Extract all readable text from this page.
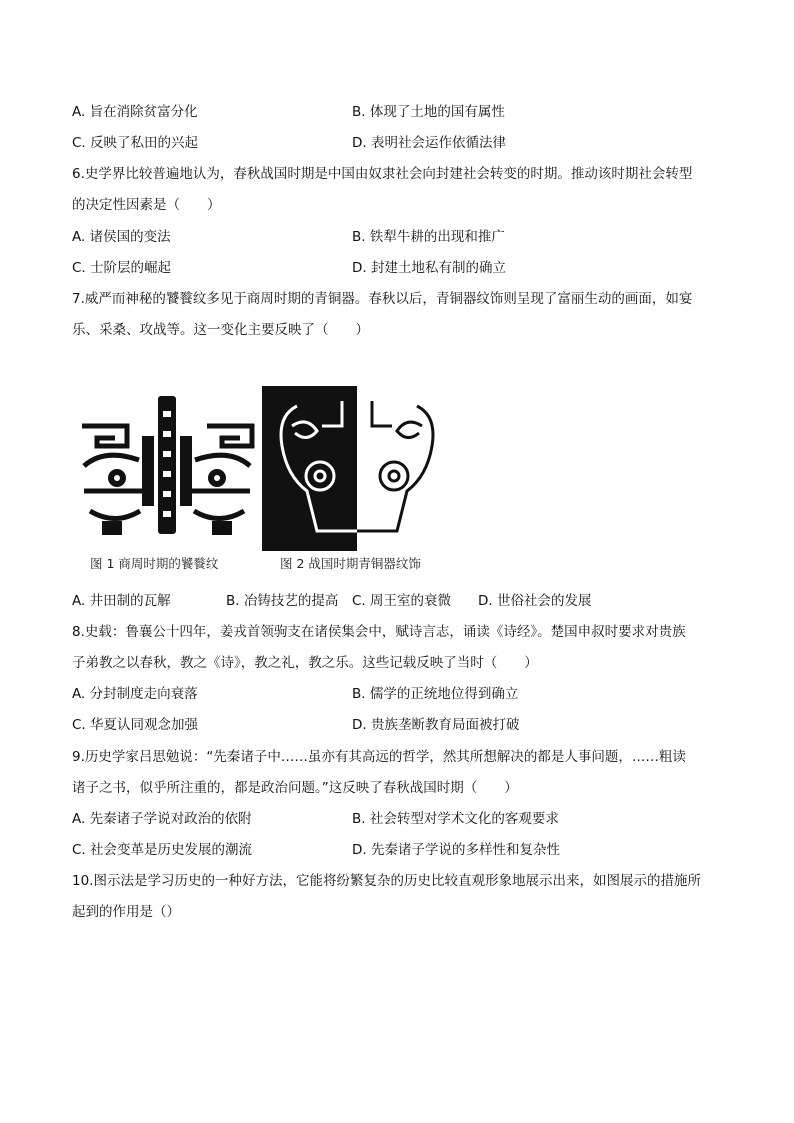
A. 旨在消除贫富分化	B. 体现了土地的国有属性
C. 反映了私田的兴起	D. 表明社会运作依循法律
6.史学界比较普遍地认为，春秋战国时期是中国由奴隶社会向封建社会转变的时期。推动该时期社会转型
的决定性因素是（　　）
A. 诸侯国的变法	B. 铁犁牛耕的出现和推广
C. 士阶层的崛起	D. 封建土地私有制的确立
7.威严而神秘的饕餮纹多见于商周时期的青铜器。春秋以后，青铜器纹饰则呈现了富丽生动的画面，如宴
乐、采桑、攻战等。这一变化主要反映了（　　）
图 1 商周时期的饕餮纹	图 2 战国时期青铜器纹饰
A. 井田制的瓦解	B. 冶铸技艺的提高 C. 周王室的衰微 D. 世俗社会的发展
8.史载：鲁襄公十四年，姜戎首领驹支在诸侯集会中，赋诗言志，诵读《诗经》。楚国申叔时要求对贵族
子弟教之以春秋，教之《诗》，教之礼，教之乐。这些记载反映了当时（　　）
A. 分封制度走向衰落	B. 儒学的正统地位得到确立
C. 华夏认同观念加强	D. 贵族垄断教育局面被打破
9.历史学家吕思勉说：“先秦诸子中……虽亦有其高远的哲学，然其所想解决的都是人事问题，……粗读
诸子之书，似乎所注重的，都是政治问题。”这反映了春秋战国时期（　　）
A. 先秦诸子学说对政治的依附	B. 社会转型对学术文化的客观要求
C. 社会变革是历史发展的潮流	D. 先秦诸子学说的多样性和复杂性
10.图示法是学习历史的一种好方法，它能将纷繁复杂的历史比较直观形象地展示出来，如图展示的措施所
起到的作用是（）
